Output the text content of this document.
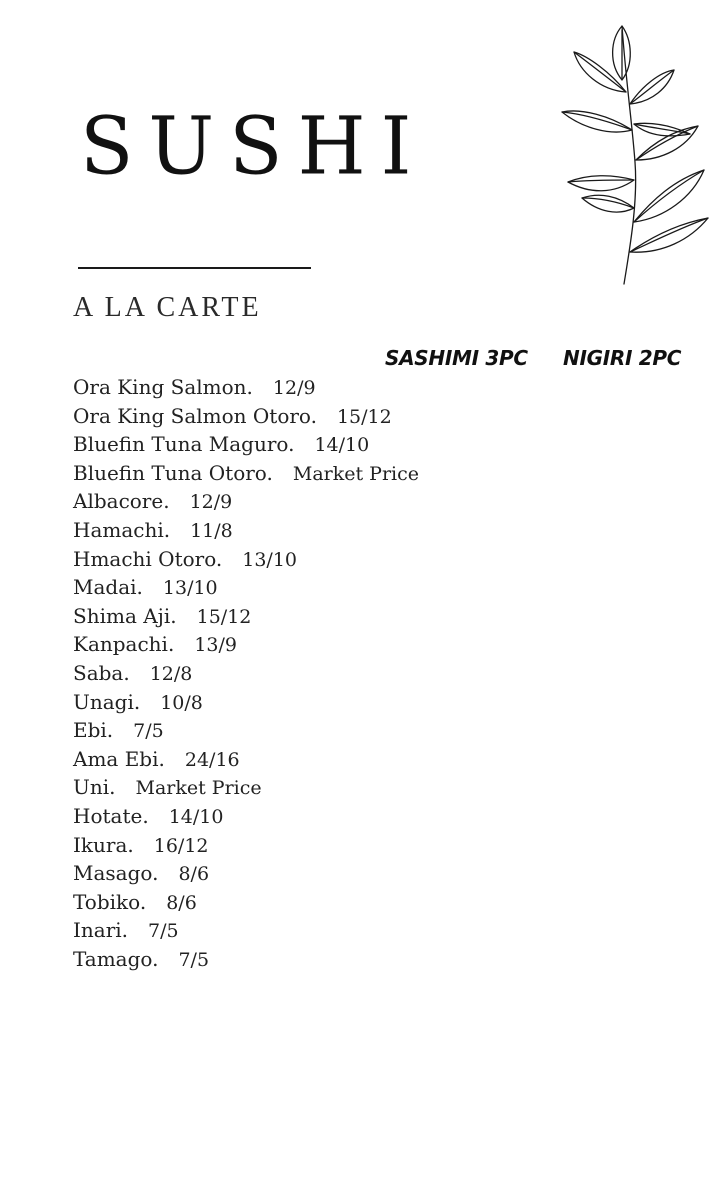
SUSHI
A LA CARTE
SASHIMI 3PC NIGIRI 2PC
Ora King Salmon. 12/9
Ora King Salmon Otoro. 15/12
Bluefin Tuna Maguro. 14/10
Bluefin Tuna Otoro. Market Price
Albacore. 12/9
Hamachi. 11/8
Hmachi Otoro. 13/10
Madai. 13/10
Shima Aji. 15/12
Kanpachi. 13/9
Saba. 12/8
Unagi. 10/8
Ebi. 7/5
Ama Ebi. 24/16
Uni. Market Price
Hotate. 14/10
Ikura. 16/12
Masago. 8/6
Tobiko. 8/6
Inari. 7/5
Tamago. 7/5
